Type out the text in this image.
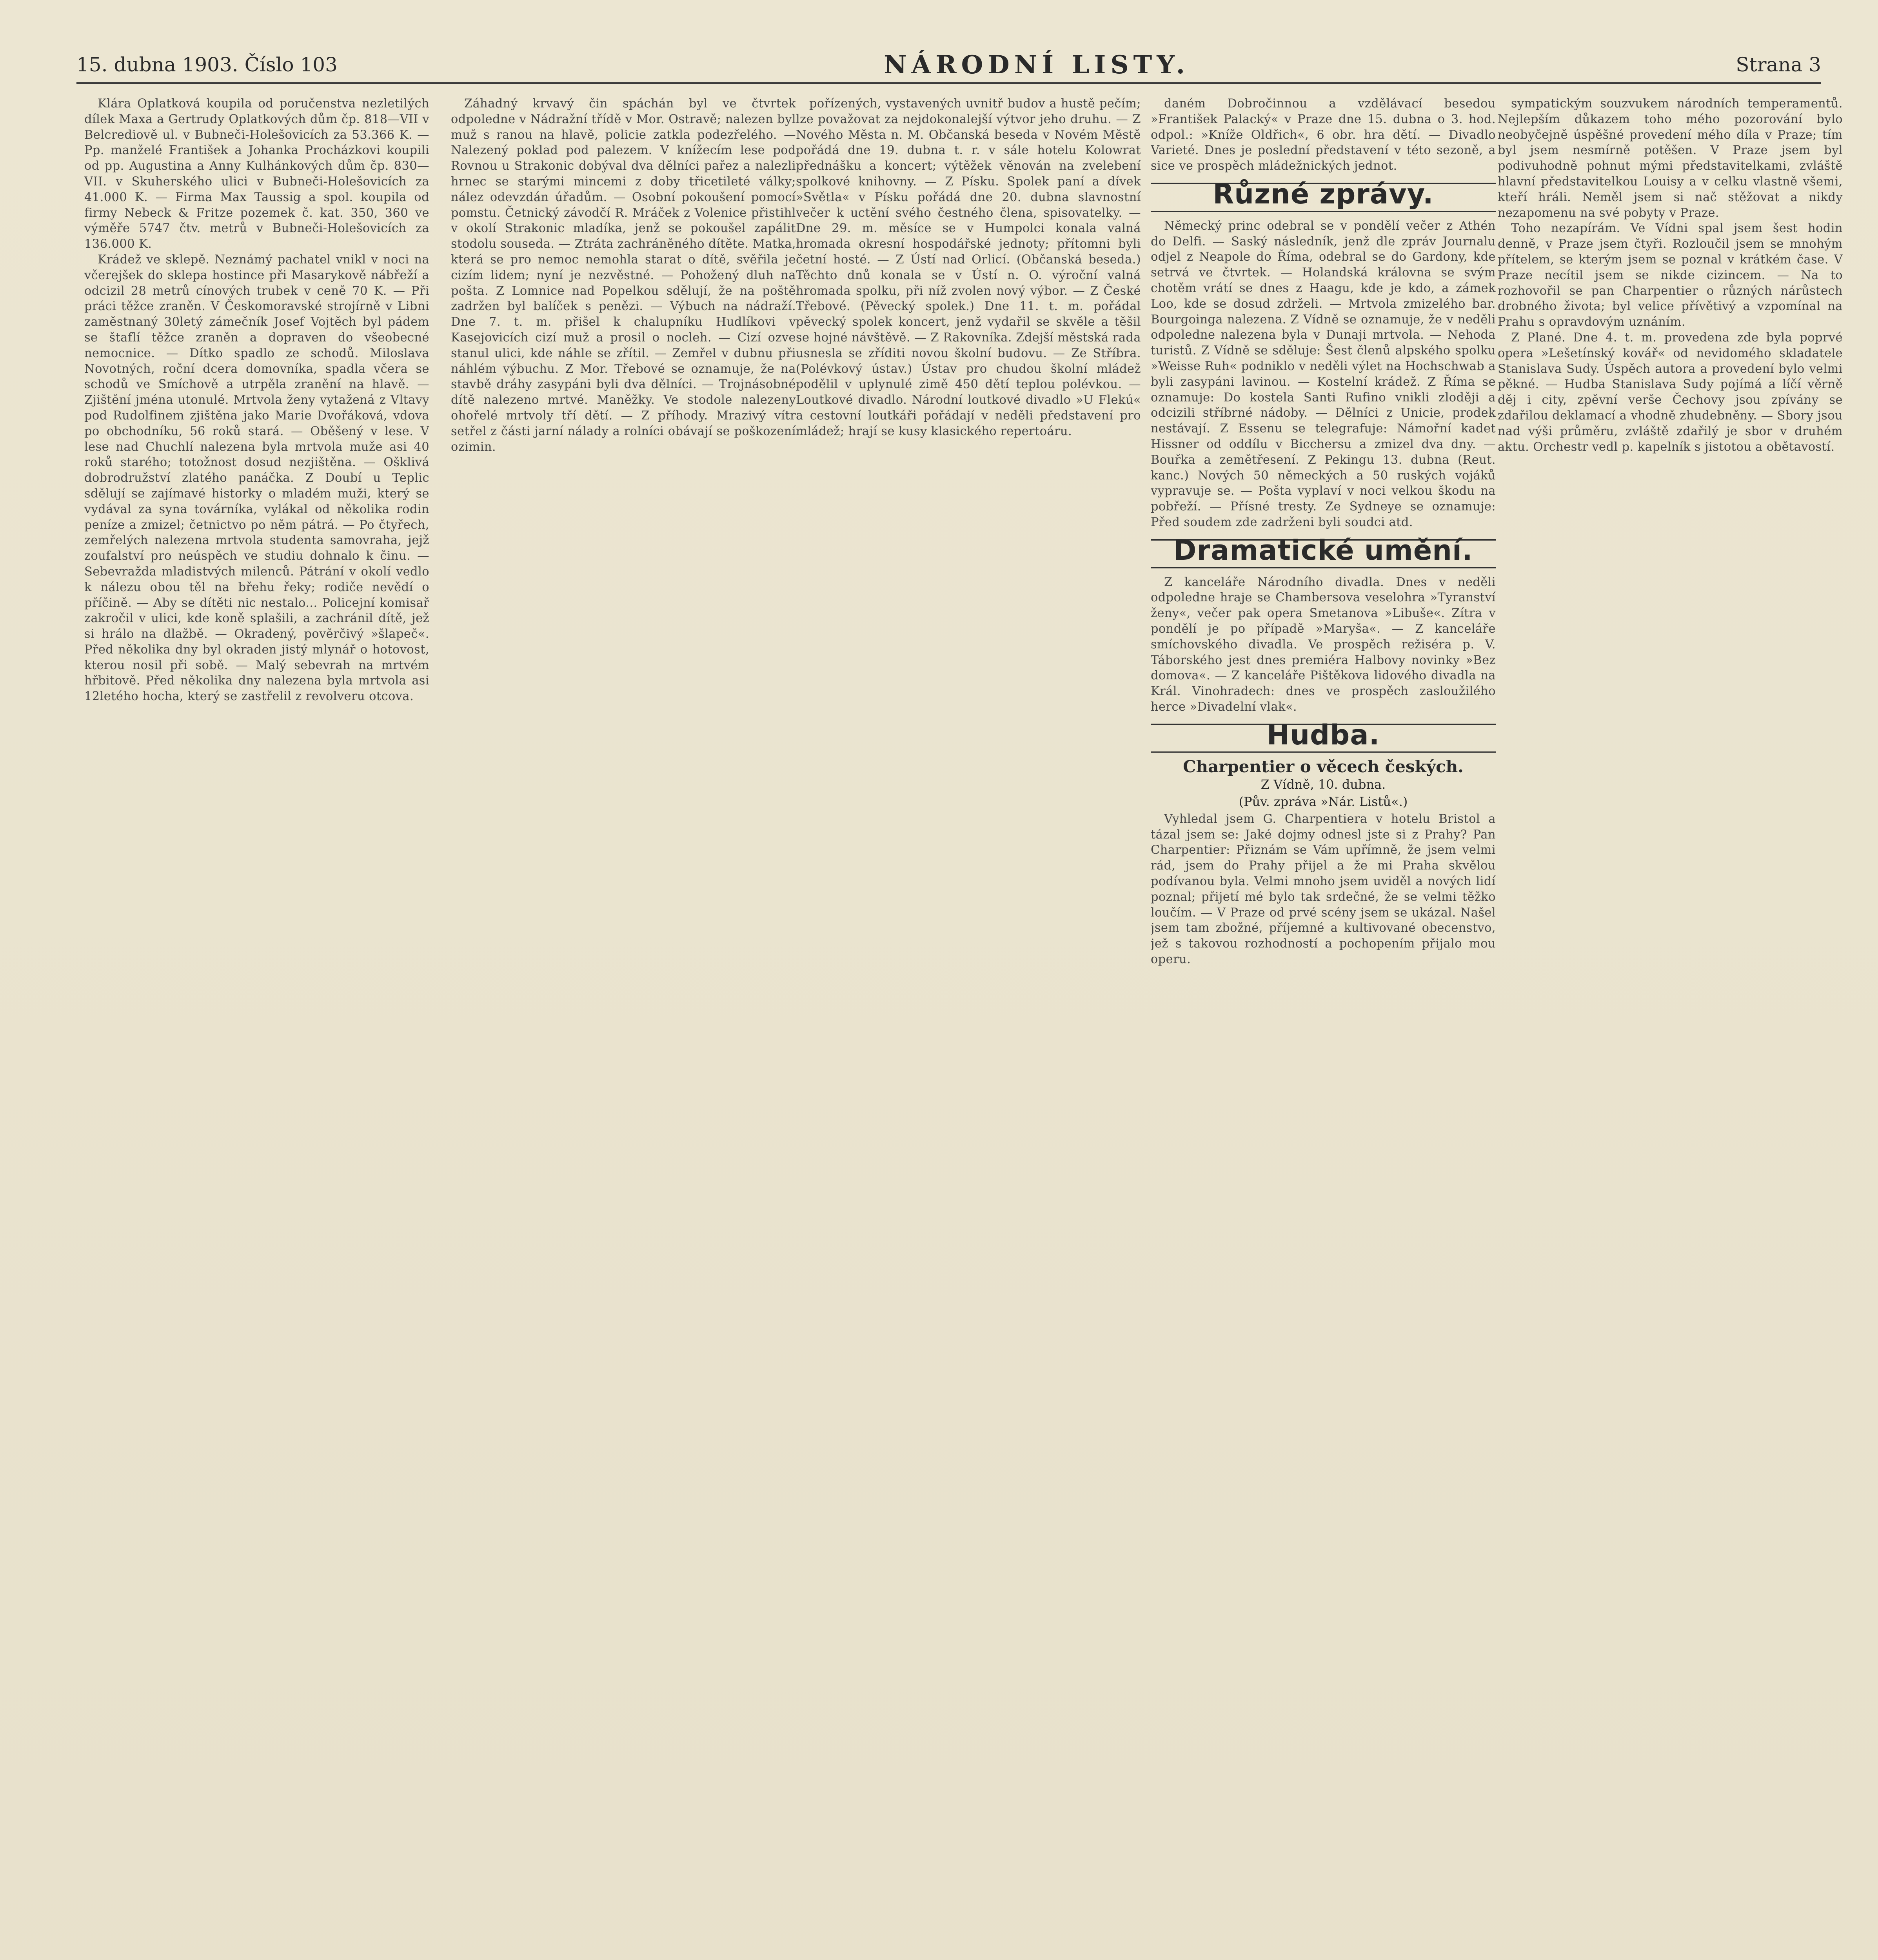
15. dubna 1903. Číslo 103	NÁRODNÍ LISTY.	Strana 3

Klára Oplatková koupila od poručenstva nezletilých dílek Maxa a Gertrudy Oplatkových dům čp. 818—VII v Belcrediově ul. v Bubneči-Holešovicích za 53.366 K. — Pp. manželé František a Johanka Procházkovi koupili od pp. Augustina a Anny Kulhánkových dům čp. 830—VII. v Skuherského ulici v Bubneči-Holešovicích za 41.000 K. — Firma Max Taussig a spol. koupila od firmy Nebeck & Fritze pozemek č. kat. 350, 360 ve výměře 5747 čtv. metrů v Bubneči-Holešovicích za 136.000 K.

Krádež ve sklepě. Neznámý pachatel vnikl v noci na včerejšek do sklepa hostince při Masarykově nábřeží a odcizil 28 metrů cínových trubek v ceně 70 K. — Při práci těžce zraněn. V Českomoravské strojírně v Libni zaměstnaný 30letý zámečník Josef Vojtěch byl pádem se štaflí těžce zraněn a dopraven do všeobecné nemocnice. — Dítko spadlo ze schodů. Miloslava Novotných, roční dcera domovníka, spadla včera se schodů ve Smíchově a utrpěla zranění na hlavě. — Zjištění jména utonulé. Mrtvola ženy vytažená z Vltavy pod Rudolfinem zjištěna jako Marie Dvořáková, vdova po obchodníku, 56 roků stará. — Oběšený v lese. V lese nad Chuchlí nalezena byla mrtvola muže asi 40 roků starého; totožnost dosud nezjištěna. — Ošklivá dobrodružství zlatého panáčka. Z Doubí u Teplic sdělují se zajímavé historky o mladém muži, který se vydával za syna továrníka, vylákal od několika rodin peníze a zmizel; četnictvo po něm pátrá. — Po čtyřech, zemřelých nalezena mrtvola studenta samovraha, jejž zoufalství pro neúspěch ve studiu dohnalo k činu. — Sebevražda mladistvých milenců. Pátrání v okolí vedlo k nálezu obou těl na břehu řeky; rodiče nevědí o příčině. — Aby se dítěti nic nestalo... Policejní komisař zakročil v ulici, kde koně splašili, a zachránil dítě, jež si hrálo na dlažbě. — Okradený, pověrčivý »šlapeč«. Před několika dny byl okraden jistý mlynář o hotovost, kterou nosil při sobě. — Malý sebevrah na mrtvém hřbitově. Před několika dny nalezena byla mrtvola asi 12letého hocha, který se zastřelil z revolveru otcova.

Záhadný krvavý čin spáchán byl ve čtvrtek odpoledne v Nádražní třídě v Mor. Ostravě; nalezen byl muž s ranou na hlavě, policie zatkla podezřelého. — Nalezený poklad pod palezem. V knížecím lese pod Rovnou u Strakonic dobýval dva dělníci pařez a nalezli hrnec se starými mincemi z doby třicetileté války; nález odevzdán úřadům. — Osobní pokoušení pomocí pomstu. Četnický závodčí R. Mráček z Volenice přistihl v okolí Strakonic mladíka, jenž se pokoušel zapálit stodolu souseda. — Ztráta zachráněného dítěte. Matka, která se pro nemoc nemohla starat o dítě, svěřila je cizím lidem; nyní je nezvěstné. — Pohožený dluh na pošta. Z Lomnice nad Popelkou sdělují, že na poště zadržen byl balíček s penězi. — Výbuch na nádraží. Dne 7. t. m. přišel k chalupníku Hudlíkovi v Kasejovicích cizí muž a prosil o nocleh. — Cizí ozve stanul ulici, kde náhle se zřítil. — Zemřel v dubnu při náhlém výbuchu. Z Mor. Třebové se oznamuje, že na stavbě dráhy zasypáni byli dva dělníci. — Trojnásobné dítě nalezeno mrtvé. Maněžky. Ve stodole nalezeny ohořelé mrtvoly tří dětí. — Z příhody. Mrazivý vítr setřel z části jarní nálady a rolníci obávají se poškození ozimin.

pořízených, vystavených uvnitř budov a hustě pečím; lze považovat za nejdokonalejší výtvor jeho druhu. — Z Nového Města n. M. Občanská beseda v Novém Městě pořádá dne 19. dubna t. r. v sále hotelu Kolowrat přednášku a koncert; výtěžek věnován na zvelebení spolkové knihovny. — Z Písku. Spolek paní a dívek »Světla« v Písku pořádá dne 20. dubna slavnostní večer k uctění svého čestného člena, spisovatelky. — Dne 29. m. měsíce se v Humpolci konala valná hromada okresní hospodářské jednoty; přítomni byli četní hosté. — Z Ústí nad Orlicí. (Občanská beseda.) Těchto dnů konala se v Ústí n. O. výroční valná hromada spolku, při níž zvolen nový výbor. — Z České Třebové. (Pěvecký spolek.) Dne 11. t. m. pořádal pěvecký spolek koncert, jenž vydařil se skvěle a těšil se hojné návštěvě. — Z Rakovníka. Zdejší městská rada usnesla se zříditi novou školní budovu. — Ze Stříbra. (Polévkový ústav.) Ústav pro chudou školní mládež podělil v uplynulé zimě 450 dětí teplou polévkou. — Loutkové divadlo. Národní loutkové divadlo »U Flekú« a cestovní loutkáři pořádají v neděli představení pro mládež; hrají se kusy klasického repertoáru.

daném Dobročinnou a vzdělávací besedou »František Palacký« v Praze dne 15. dubna o 3. hod. odpol.: »Kníže Oldřich«, 6 obr. hra dětí. — Divadlo Varieté. Dnes je poslední představení v této sezoně, a sice ve prospěch mládežnických jednot.

Různé zprávy.

Německý princ odebral se v pondělí večer z Athén do Delfi. — Saský následník, jenž dle zpráv Journalu odjel z Neapole do Říma, odebral se do Gardony, kde setrvá ve čtvrtek. — Holandská královna se svým chotěm vrátí se dnes z Haagu, kde je kdo, a zámek Loo, kde se dosud zdrželi. — Mrtvola zmizelého bar. Bourgoinga nalezena. Z Vídně se oznamuje, že v neděli odpoledne nalezena byla v Dunaji mrtvola. — Nehoda turistů. Z Vídně se sděluje: Šest členů alpského spolku »Weisse Ruh« podniklo v neděli výlet na Hochschwab a byli zasypáni lavinou. — Kostelní krádež. Z Říma se oznamuje: Do kostela Santi Rufino vnikli zloději a odcizili stříbrné nádoby. — Dělníci z Unicie, prodek nestávají. Z Essenu se telegrafuje: Námořní kadet Hissner od oddílu v Bicchersu a zmizel dva dny. — Bouřka a zemětřesení. Z Pekingu 13. dubna (Reut. kanc.) Nových 50 německých a 50 ruských vojáků vypravuje se. — Pošta vyplaví v noci velkou škodu na pobřeží. — Přísné tresty. Ze Sydneye se oznamuje: Před soudem zde zadrženi byli soudci atd.

Dramatické umění.

Z kanceláře Národního divadla. Dnes v neděli odpoledne hraje se Chambersova veselohra »Tyranství ženy«, večer pak opera Smetanova »Libuše«. Zítra v pondělí je po případě »Maryša«. — Z kanceláře smíchovského divadla. Ve prospěch režiséra p. V. Táborského jest dnes premiéra Halbovy novinky »Bez domova«. — Z kanceláře Pištěkova lidového divadla na Král. Vinohradech: dnes ve prospěch zasloužilého herce »Divadelní vlak«.

Hudba.
Charpentier o věcech českých.
Z Vídně, 10. dubna.
(Pův. zpráva »Nár. Listů«.)

Vyhledal jsem G. Charpentiera v hotelu Bristol a tázal jsem se: Jaké dojmy odnesl jste si z Prahy? Pan Charpentier: Přiznám se Vám upřímně, že jsem velmi rád, jsem do Prahy přijel a že mi Praha skvělou podívanou byla. Velmi mnoho jsem uviděl a nových lidí poznal; přijetí mé bylo tak srdečné, že se velmi těžko loučím. — V Praze od prvé scény jsem se ukázal. Našel jsem tam zbožné, příjemné a kultivované obecenstvo, jež s takovou rozhodností a pochopením přijalo mou operu.

sympatickým souzvukem národních temperamentů. Nejlepším důkazem toho mého pozorování bylo neobyčejně úspěšné provedení mého díla v Praze; tím byl jsem nesmírně potěšen. V Praze jsem byl podivuhodně pohnut mými představitelkami, zvláště hlavní představitelkou Louisy a v celku vlastně všemi, kteří hráli. Neměl jsem si nač stěžovat a nikdy nezapomenu na své pobyty v Praze.

Toho nezapírám. Ve Vídni spal jsem šest hodin denně, v Praze jsem čtyři. Rozloučil jsem se mnohým přítelem, se kterým jsem se poznal v krátkém čase. V Praze necítil jsem se nikde cizincem. — Na to rozhovořil se pan Charpentier o různých nárůstech drobného života; byl velice přívětivý a vzpomínal na Prahu s opravdovým uznáním.

Z Plané. Dne 4. t. m. provedena zde byla poprvé opera »Lešetínský kovář« od nevidomého skladatele Stanislava Sudy. Úspěch autora a provedení bylo velmi pěkné. — Hudba Stanislava Sudy pojímá a líčí věrně děj i city, zpěvní verše Čechovy jsou zpívány se zdařilou deklamací a vhodně zhudebněny. — Sbory jsou nad výši průměru, zvláště zdařilý je sbor v druhém aktu. Orchestr vedl p. kapelník s jistotou a obětavostí.
